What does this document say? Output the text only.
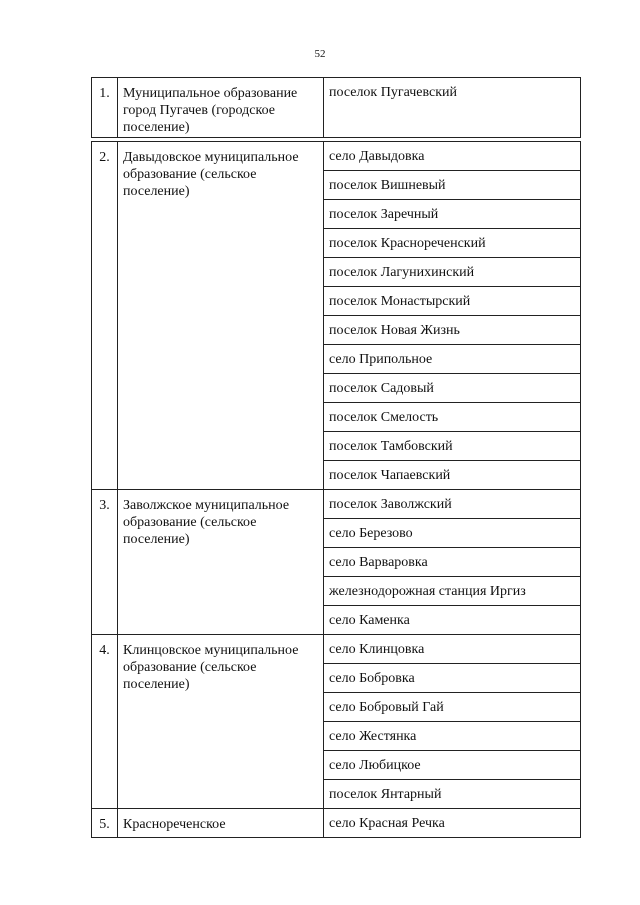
52
1.	Муниципальное образование город Пугачев (городское поселение)	поселок Пугачевский

2.	Давыдовское муниципальное образование (сельское поселение)	село Давыдовка

		поселок Вишневый

		поселок Заречный

		поселок Краснореченский

		поселок Лагунихинский

		поселок Монастырский

		поселок Новая Жизнь

		село Припольное

		поселок Садовый

		поселок Смелость

		поселок Тамбовский

		поселок Чапаевский

3.	Заволжское муниципальное образование (сельское поселение)	поселок Заволжский

		село Березово

		село Варваровка

		железнодорожная станция Иргиз

		село Каменка

4.	Клинцовское муниципальное образование (сельское поселение)	село Клинцовка

		село Бобровка

		село Бобровый Гай

		село Жестянка

		село Любицкое

		поселок Янтарный

5.	Краснореченское	село Красная Речка
